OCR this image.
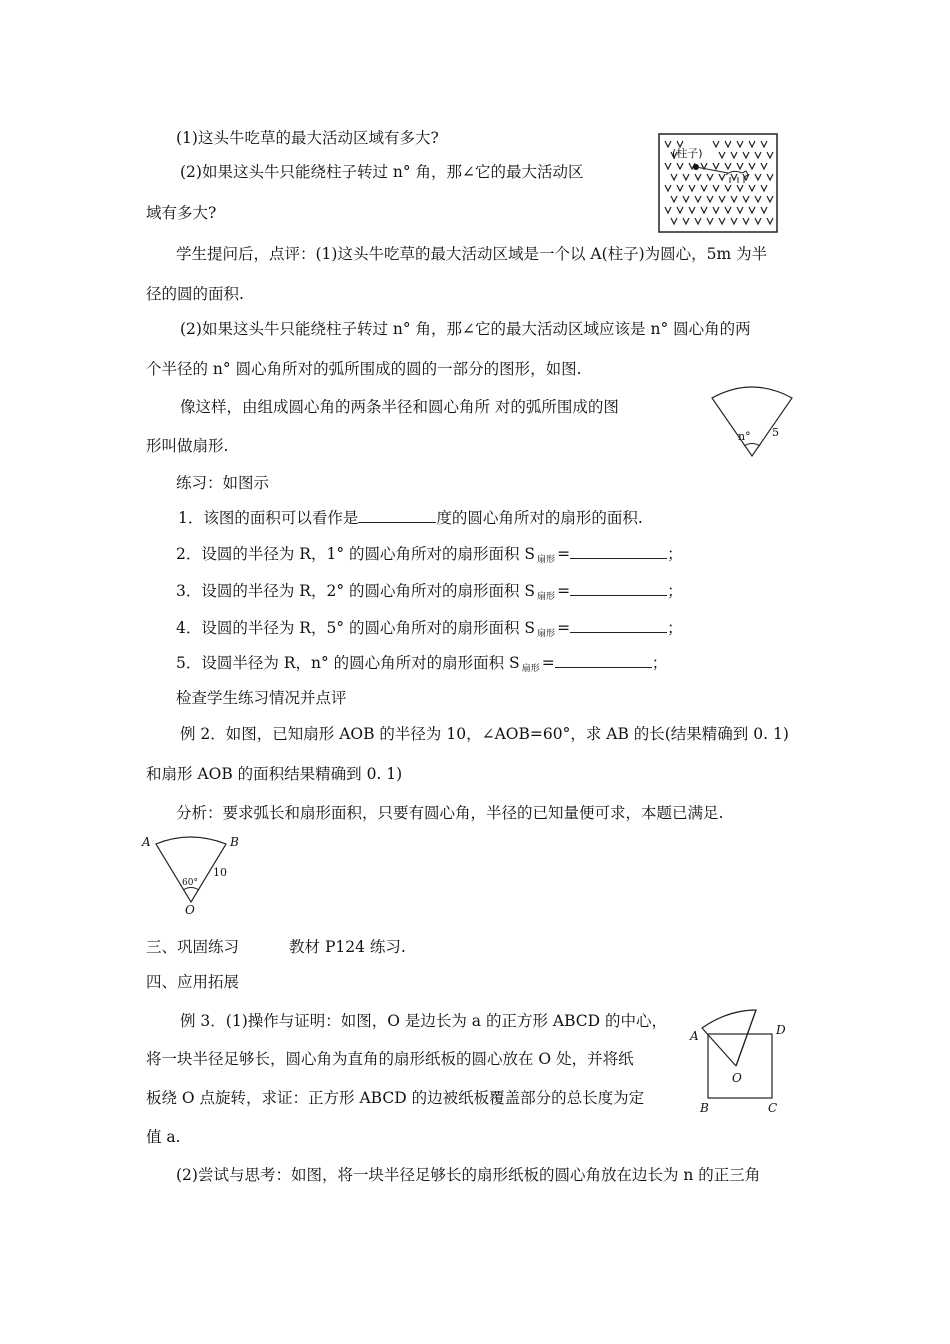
(1)这头牛吃草的最大活动区域有多大?
(2)如果这头牛只能绕柱子转过 n° 角，那∠它的最大活动区
域有多大?
学生提问后，点评：(1)这头牛吃草的最大活动区域是一个以 A(柱子)为圆心，5m 为半
径的圆的面积.
(2)如果这头牛只能绕柱子转过 n° 角，那∠它的最大活动区域应该是 n° 圆心角的两
个半径的 n° 圆心角所对的弧所围成的圆的一部分的图形，如图.
像这样，由组成圆心角的两条半径和圆心角所 对的弧所围成的图
形叫做扇形.
练习：如图示
1．该图的面积可以看作是	度的圆心角所对的扇形的面积.
2．设圆的半径为 R，1° 的圆心角所对的扇形面积 S 扇形 =	；
3．设圆的半径为 R，2° 的圆心角所对的扇形面积 S 扇形 =	；
4．设圆的半径为 R，5° 的圆心角所对的扇形面积 S 扇形 =	；
5．设圆半径为 R，n° 的圆心角所对的扇形面积 S 扇形 =	；
检查学生练习情况并点评
例 2．如图，已知扇形 AOB 的半径为 10，∠AOB=60°，求 AB 的长(结果精确到 0. 1)
和扇形 AOB 的面积结果精确到 0. 1)
分析：要求弧长和扇形面积，只要有圆心角，半径的已知量便可求，本题已满足.
三、巩固练习	教材 P124 练习.
四、应用拓展
例 3．(1)操作与证明：如图，O 是边长为 a 的正方形 ABCD 的中心，
将一块半径足够长，圆心角为直角的扇形纸板的圆心放在 O 处，并将纸
板绕 O 点旋转，求证：正方形 ABCD 的边被纸板覆盖部分的总长度为定
值 a.
(2)尝试与思考：如图，将一块半径足够长的扇形纸板的圆心角放在边长为 n 的正三角
(柱子)
n° 5
A	B
O
60°
10
A	D
B	C
O
